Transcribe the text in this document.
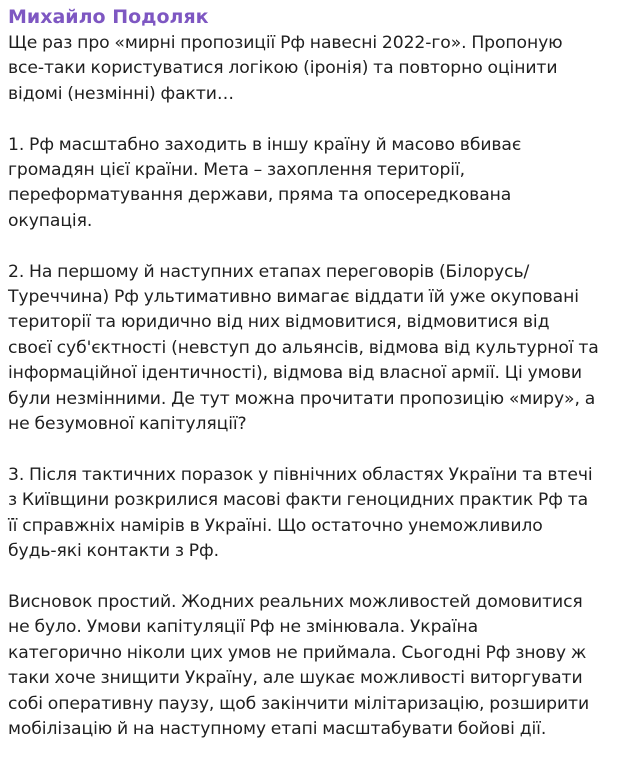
Михайло Подоляк
Ще раз про «мирні пропозиції Рф навесні 2022-го». Пропоную
все-таки користуватися логікою (іронія) та повторно оцінити
відомі (незмінні) факти…
1. Рф масштабно заходить в іншу країну й масово вбиває
громадян цієї країни. Мета – захоплення території,
переформатування держави, пряма та опосередкована
окупація.
2. На першому й наступних етапах переговорів (Білорусь/
Туреччина) Рф ультимативно вимагає віддати їй уже окуповані
території та юридично від них відмовитися, відмовитися від
своєї суб'єктності (невступ до альянсів, відмова від культурної та
інформаційної ідентичності), відмова від власної армії. Ці умови
були незмінними. Де тут можна прочитати пропозицію «миру», а
не безумовної капітуляції?
3. Після тактичних поразок у північних областях України та втечі
з Київщини розкрилися масові факти геноцидних практик Рф та
її справжніх намірів в Україні. Що остаточно унеможливило
будь-які контакти з Рф.
Висновок простий. Жодних реальних можливостей домовитися
не було. Умови капітуляції Рф не змінювала. Україна
категорично ніколи цих умов не приймала. Сьогодні Рф знову ж
таки хоче знищити Україну, але шукає можливості виторгувати
собі оперативну паузу, щоб закінчити мілітаризацію, розширити
мобілізацію й на наступному етапі масштабувати бойові дії.
